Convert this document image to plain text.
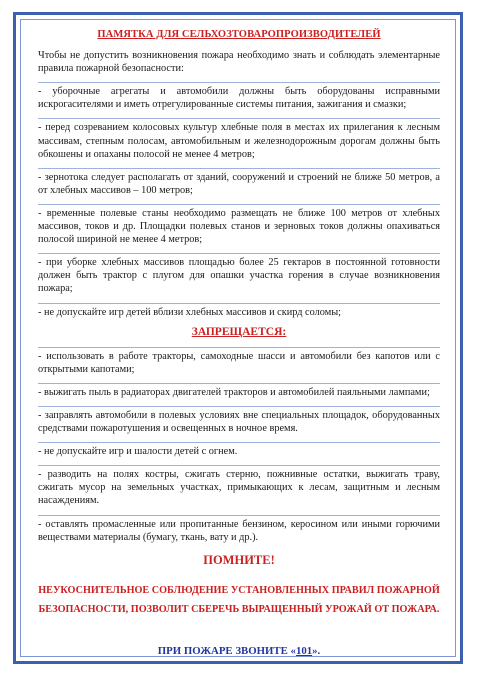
ПАМЯТКА ДЛЯ СЕЛЬХОЗТОВАРОПРОИЗВОДИТЕЛЕЙ
Чтобы не допустить возникновения пожара необходимо знать и соблюдать элементарные правила пожарной безопасности:
- уборочные агрегаты и автомобили должны быть оборудованы исправными искрогасителями и иметь отрегулированные системы питания, зажигания и смазки;
- перед созреванием колосовых культур хлебные поля в местах их прилегания к лесным массивам, степным полосам, автомобильным и железнодорожным дорогам должны быть обкошены и опаханы полосой не менее 4 метров;
- зернотока следует располагать от зданий, сооружений и строений не ближе 50 метров, а от хлебных массивов – 100 метров;
- временные полевые станы необходимо размещать не ближе 100 метров от хлебных массивов, токов и др. Площадки полевых станов и зерновых токов должны опахиваться полосой шириной не менее 4 метров;
- при уборке хлебных массивов площадью более 25 гектаров в постоянной готовности должен быть трактор с плугом для опашки участка горения в случае возникновения пожара;
- не допускайте игр детей вблизи хлебных массивов и скирд соломы;
ЗАПРЕЩАЕТСЯ:
- использовать в работе тракторы, самоходные шасси и автомобили без капотов или с открытыми капотами;
- выжигать пыль в радиаторах двигателей тракторов и автомобилей паяльными лампами;
- заправлять автомобили в полевых условиях вне специальных площадок, оборудованных средствами пожаротушения и освещенных в ночное время.
- не допускайте игр и шалости детей с огнем.
- разводить на полях костры, сжигать стерню, пожнивные остатки, выжигать траву, сжигать мусор на земельных участках, примыкающих к лесам, защитным и лесным насаждениям.
- оставлять промасленные или пропитанные бензином, керосином или иными горючими веществами материалы (бумагу, ткань, вату и др.).
ПОМНИТЕ!
НЕУКОСНИТЕЛЬНОЕ СОБЛЮДЕНИЕ УСТАНОВЛЕННЫХ ПРАВИЛ ПОЖАРНОЙ БЕЗОПАСНОСТИ, ПОЗВОЛИТ СБЕРЕЧЬ ВЫРАЩЕННЫЙ УРОЖАЙ ОТ ПОЖАРА.
ПРИ ПОЖАРЕ ЗВОНИТЕ «101».
